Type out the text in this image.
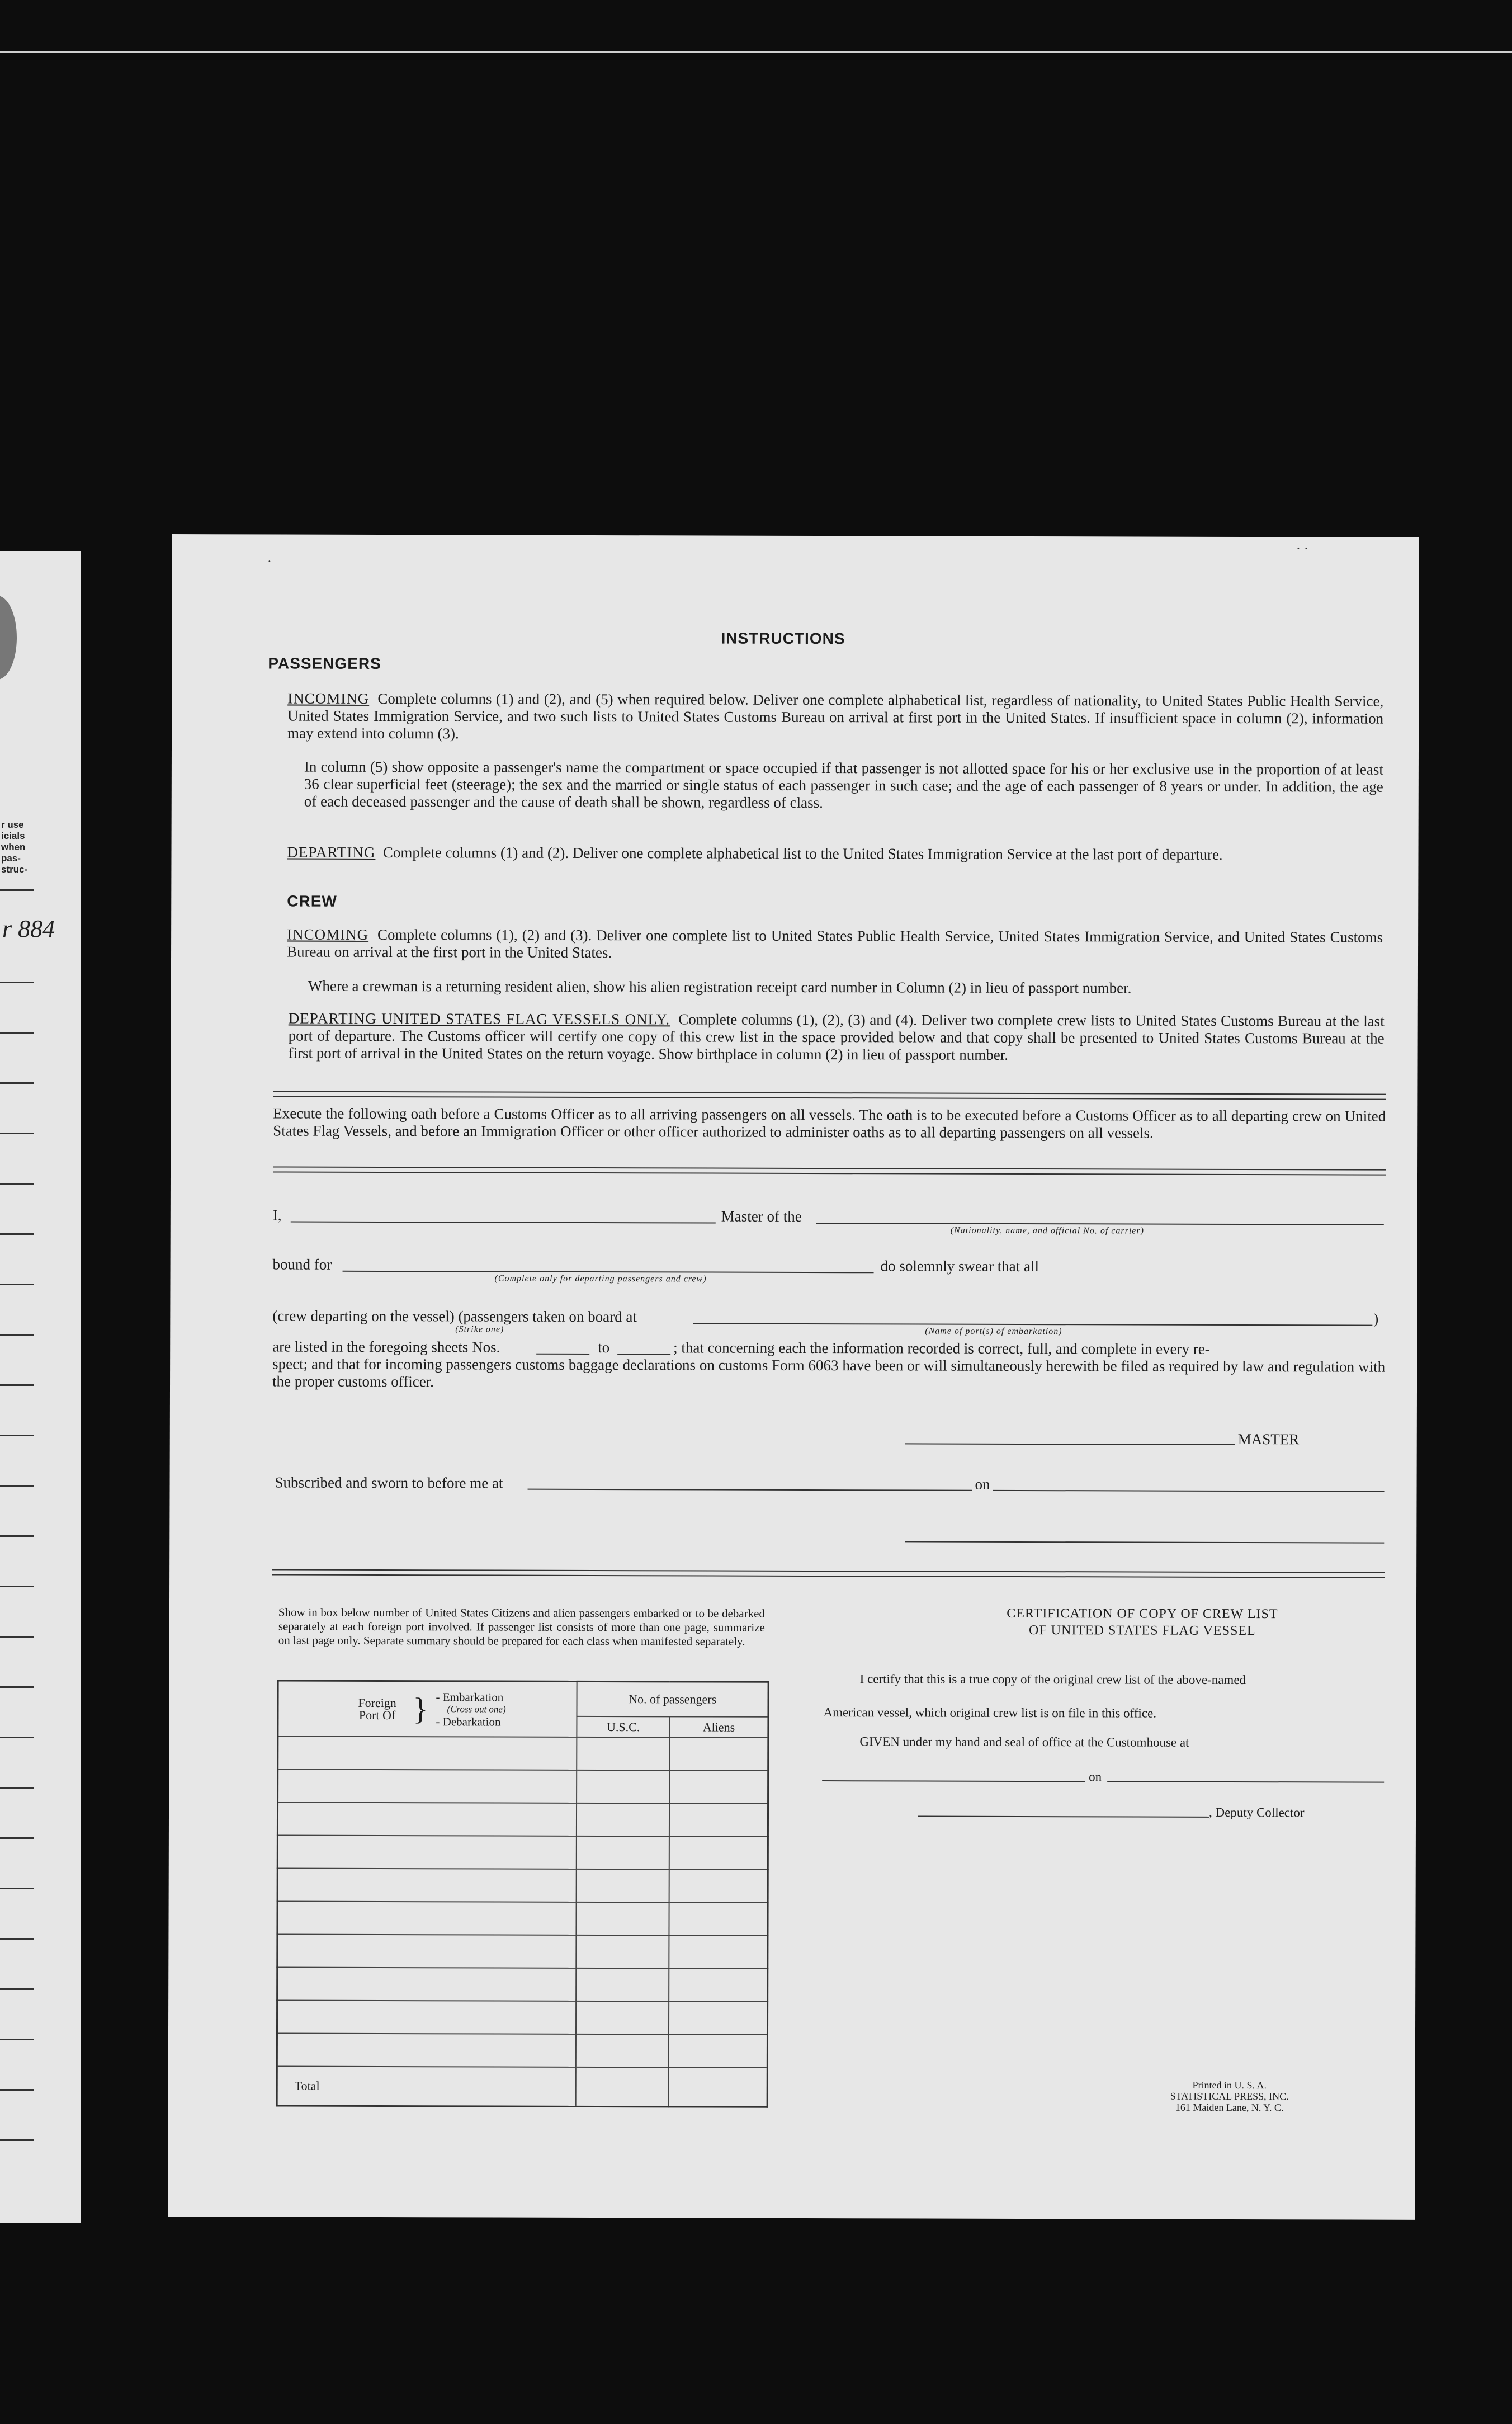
r use
icials
when
pas-
struc-
r 884
·
· ·
INSTRUCTIONS
PASSENGERS
INCOMING Complete columns (1) and (2), and (5) when required below. Deliver one complete alphabetical list, regardless of nationality, to United States Public Health Service, United States Immigration Service, and two such lists to United States Customs Bureau on arrival at first port in the United States. If insufficient space in column (2), information may extend into column (3).
In column (5) show opposite a passenger's name the compartment or space occupied if that passenger is not allotted space for his or her exclusive use in the proportion of at least 36 clear superficial feet (steerage); the sex and the married or single status of each passenger in such case; and the age of each passenger of 8 years or under. In addition, the age of each deceased passenger and the cause of death shall be shown, regardless of class.
DEPARTING Complete columns (1) and (2). Deliver one complete alphabetical list to the United States Immigration Service at the last port of departure.
CREW
INCOMING Complete columns (1), (2) and (3). Deliver one complete list to United States Public Health Service, United States Immigration Service, and United States Customs Bureau on arrival at the first port in the United States.
Where a crewman is a returning resident alien, show his alien registration receipt card number in Column (2) in lieu of passport number.
DEPARTING UNITED STATES FLAG VESSELS ONLY. Complete columns (1), (2), (3) and (4). Deliver two complete crew lists to United States Customs Bureau at the last port of departure. The Customs officer will certify one copy of this crew list in the space provided below and that copy shall be presented to United States Customs Bureau at the first port of arrival in the United States on the return voyage. Show birthplace in column (2) in lieu of passport number.
Execute the following oath before a Customs Officer as to all arriving passengers on all vessels. The oath is to be executed before a Customs Officer as to all departing crew on United States Flag Vessels, and before an Immigration Officer or other officer authorized to administer oaths as to all departing passengers on all vessels.
I,	Master of the
(Nationality, name, and official No. of carrier)
bound for
(Complete only for departing passengers and crew)
do solemnly swear that all
(crew departing on the vessel) (passengers taken on board at
(Strike one)
)
(Name of port(s) of embarkation)
are listed in the foregoing sheets Nos.	to	; that concerning each the information recorded is correct, full, and complete in every re-
spect; and that for incoming passengers customs baggage declarations on customs Form 6063 have been or will simultaneously herewith be filed as required by law and regulation with the proper customs officer.
MASTER
Subscribed and sworn to before me at	on
Show in box below number of United States Citizens and alien passengers embarked or to be debarked separately at each foreign port involved. If passenger list consists of more than one page, summarize on last page only. Separate summary should be prepared for each class when manifested separately.
Foreign Port Of } - Embarkation
(Cross out one)
- Debarkation	No. of passengers	
	U.S.C.	Aliens

Total		
CERTIFICATION OF COPY OF CREW LIST
OF UNITED STATES FLAG VESSEL
I certify that this is a true copy of the original crew list of the above-named
American vessel, which original crew list is on file in this office.
GIVEN under my hand and seal of office at the Customhouse at
on
, Deputy Collector
Printed in U. S. A.
STATISTICAL PRESS, INC.
161 Maiden Lane, N. Y. C.
